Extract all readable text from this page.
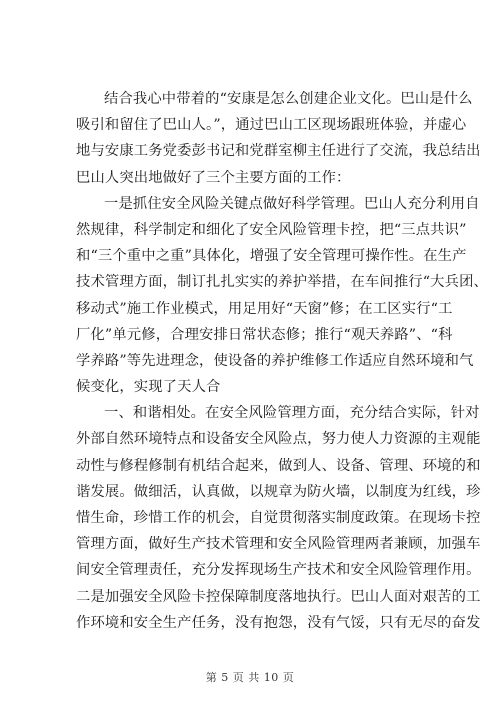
结合我心中带着的“安康是怎么创建企业文化。巴山是什么
吸引和留住了巴山人。”，通过巴山工区现场跟班体验，并虚心
地与安康工务党委彭书记和党群室柳主任进行了交流，我总结出
巴山人突出地做好了三个主要方面的工作：
一是抓住安全风险关键点做好科学管理。巴山人充分利用自
然规律，科学制定和细化了安全风险管理卡控，把“三点共识”
和“三个重中之重”具体化，增强了安全管理可操作性。在生产
技术管理方面，制订扎扎实实的养护举措，在车间推行“大兵团、
移动式”施工作业模式，用足用好“天窗”修；在工区实行“工
厂化”单元修，合理安排日常状态修；推行“观天养路”、“科
学养路”等先进理念，使设备的养护维修工作适应自然环境和气
候变化，实现了天人合
一、和谐相处。在安全风险管理方面，充分结合实际，针对
外部自然环境特点和设备安全风险点，努力使人力资源的主观能
动性与修程修制有机结合起来，做到人、设备、管理、环境的和
谐发展。做细活，认真做，以规章为防火墙，以制度为红线，珍
惜生命，珍惜工作的机会，自觉贯彻落实制度政策。在现场卡控
管理方面，做好生产技术管理和安全风险管理两者兼顾，加强车
间安全管理责任，充分发挥现场生产技术和安全风险管理作用。
二是加强安全风险卡控保障制度落地执行。巴山人面对艰苦的工
作环境和安全生产任务，没有抱怨，没有气馁，只有无尽的奋发
第 5 页 共 10 页
